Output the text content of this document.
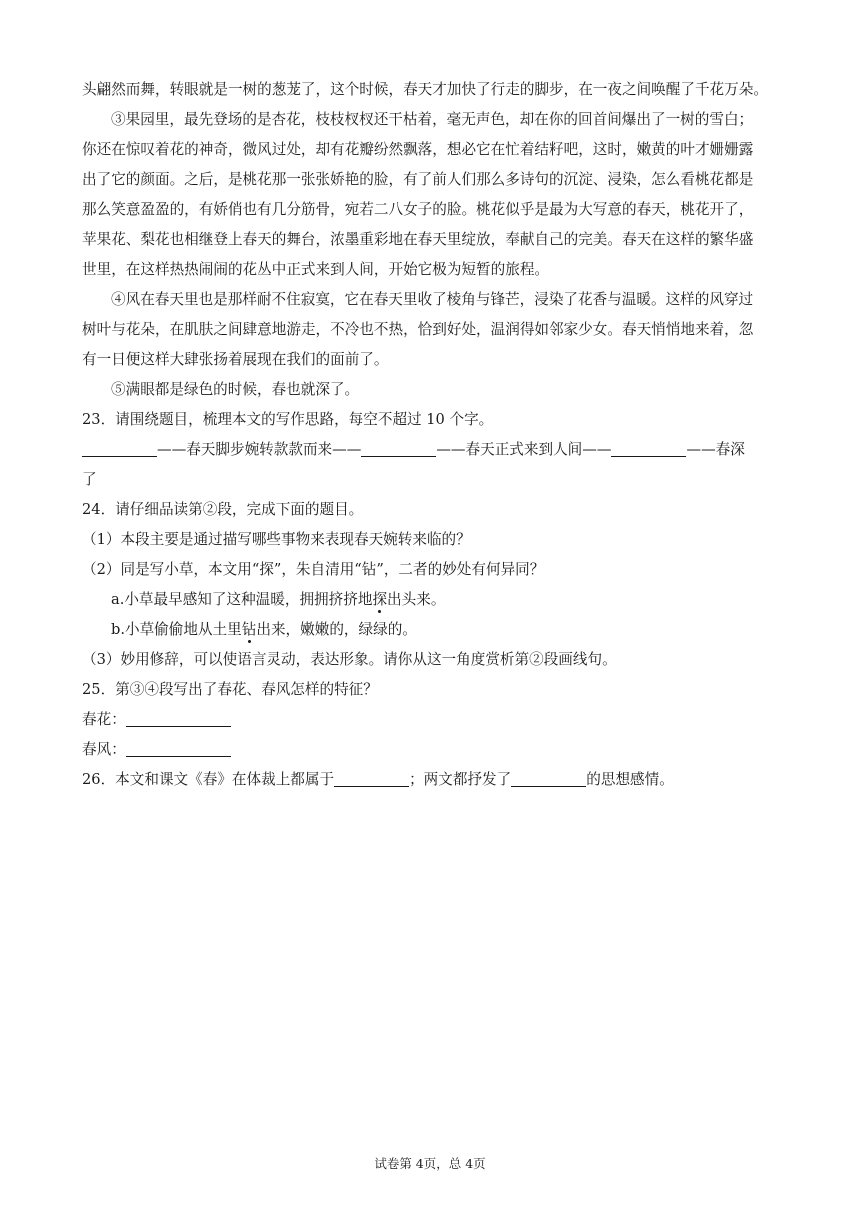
头翩然而舞，转眼就是一树的葱茏了，这个时候，春天才加快了行走的脚步，在一夜之间唤醒了千花万朵。
③果园里，最先登场的是杏花，枝枝杈杈还干枯着，毫无声色，却在你的回首间爆出了一树的雪白；
你还在惊叹着花的神奇，微风过处，却有花瓣纷然飘落，想必它在忙着结籽吧，这时，嫩黄的叶才姗姗露
出了它的颜面。之后，是桃花那一张张娇艳的脸，有了前人们那么多诗句的沉淀、浸染，怎么看桃花都是
那么笑意盈盈的，有娇俏也有几分筋骨，宛若二八女子的脸。桃花似乎是最为大写意的春天，桃花开了，
苹果花、梨花也相继登上春天的舞台，浓墨重彩地在春天里绽放，奉献自己的完美。春天在这样的繁华盛
世里，在这样热热闹闹的花丛中正式来到人间，开始它极为短暂的旅程。
④风在春天里也是那样耐不住寂寞，它在春天里收了棱角与锋芒，浸染了花香与温暖。这样的风穿过
树叶与花朵，在肌肤之间肆意地游走，不冷也不热，恰到好处，温润得如邻家少女。春天悄悄地来着，忽
有一日便这样大肆张扬着展现在我们的面前了。
⑤满眼都是绿色的时候，春也就深了。
23．请围绕题目，梳理本文的写作思路，每空不超过 10 个字。
——春天脚步婉转款款而来——	——春天正式来到人间——	——春深
了
24．请仔细品读第②段，完成下面的题目。
（1）本段主要是通过描写哪些事物来表现春天婉转来临的？
（2）同是写小草，本文用“探”，朱自清用“钻”，二者的妙处有何异同？
a.小草最早感知了这种温暖，拥拥挤挤地探出头来。
b.小草偷偷地从土里钻出来，嫩嫩的，绿绿的。
（3）妙用修辞，可以使语言灵动，表达形象。请你从这一角度赏析第②段画线句。
25．第③④段写出了春花、春风怎样的特征？
春花：
春风：
26．本文和课文《春》在体裁上都属于	；两文都抒发了	的思想感情。
试卷第 4页，总 4页
